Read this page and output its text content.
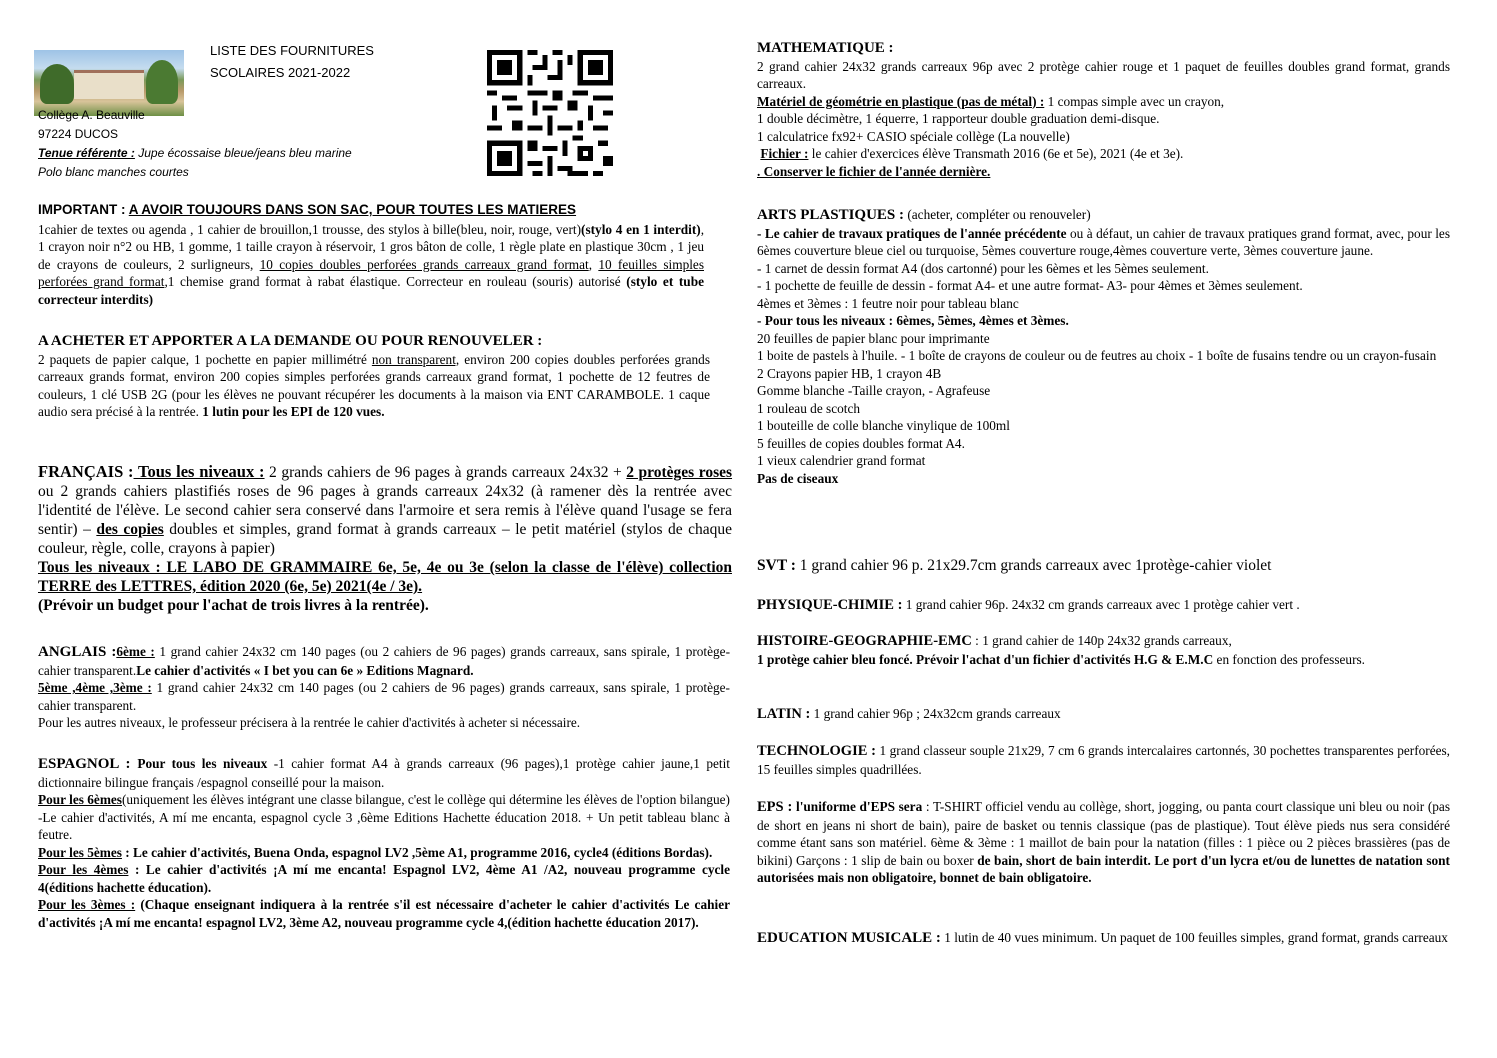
LISTE DES FOURNITURES
SCOLAIRES 2021-2022
Collège A. Beauville
97224 DUCOS
Tenue référente : Jupe écossaise bleue/jeans bleu marine
Polo blanc manches courtes

IMPORTANT : A AVOIR TOUJOURS DANS SON SAC, POUR TOUTES LES MATIERES

1cahier de textes ou agenda , 1 cahier de brouillon,1 trousse, des stylos à bille(bleu, noir, rouge, vert)(stylo 4 en 1 interdit), 1 crayon noir n°2 ou HB, 1 gomme, 1 taille crayon à réservoir, 1 gros bâton de colle, 1 règle plate en plastique 30cm , 1 jeu de crayons de couleurs, 2 surligneurs, 10 copies doubles perforées grands carreaux grand format, 10 feuilles simples perforées grand format,1 chemise grand format à rabat élastique. Correcteur en rouleau (souris) autorisé (stylo et tube correcteur interdits)

A ACHETER ET APPORTER A LA DEMANDE OU POUR RENOUVELER :

2 paquets de papier calque, 1 pochette en papier millimétré non transparent, environ 200 copies doubles perforées grands carreaux grands format, environ 200 copies simples perforées grands carreaux grand format, 1 pochette de 12 feutres de couleurs, 1 clé USB 2G (pour les élèves ne pouvant récupérer les documents à la maison via ENT CARAMBOLE. 1 caque audio sera précisé à la rentrée. 1 lutin pour les EPI de 120 vues.

FRANÇAIS : Tous les niveaux : 2 grands cahiers de 96 pages à grands carreaux 24x32 + 2 protèges roses ou 2 grands cahiers plastifiés roses de 96 pages à grands carreaux 24x32 (à ramener dès la rentrée avec l'identité de l'élève. Le second cahier sera conservé dans l'armoire et sera remis à l'élève quand l'usage se fera sentir) – des copies doubles et simples, grand format à grands carreaux – le petit matériel (stylos de chaque couleur, règle, colle, crayons à papier)

Tous les niveaux : LE LABO DE GRAMMAIRE 6e, 5e, 4e ou 3e (selon la classe de l'élève) collection TERRE des LETTRES, édition 2020 (6e, 5e) 2021(4e / 3e).

(Prévoir un budget pour l'achat de trois livres à la rentrée).

ANGLAIS :6ème : 1 grand cahier 24x32 cm 140 pages (ou 2 cahiers de 96 pages) grands carreaux, sans spirale, 1 protège-cahier transparent.Le cahier d'activités « I bet you can 6e » Editions Magnard.

5ème ,4ème ,3ème : 1 grand cahier 24x32 cm 140 pages (ou 2 cahiers de 96 pages) grands carreaux, sans spirale, 1 protège-cahier transparent.

Pour les autres niveaux, le professeur précisera à la rentrée le cahier d'activités à acheter si nécessaire.

ESPAGNOL : Pour tous les niveaux -1 cahier format A4 à grands carreaux (96 pages),1 protège cahier jaune,1 petit dictionnaire bilingue français /espagnol conseillé pour la maison.

Pour les 6èmes(uniquement les élèves intégrant une classe bilangue, c'est le collège qui détermine les élèves de l'option bilangue) -Le cahier d'activités, A mí me encanta, espagnol cycle 3 ,6ème Editions Hachette éducation 2018. + Un petit tableau blanc à feutre.

Pour les 5èmes : Le cahier d'activités, Buena Onda, espagnol LV2 ,5ème A1, programme 2016, cycle4 (éditions Bordas).

Pour les 4èmes : Le cahier d'activités ¡A mí me encanta! Espagnol LV2, 4ème A1 /A2, nouveau programme cycle 4(éditions hachette éducation).

Pour les 3èmes : (Chaque enseignant indiquera à la rentrée s'il est nécessaire d'acheter le cahier d'activités Le cahier d'activités ¡A mí me encanta! espagnol LV2, 3ème A2, nouveau programme cycle 4,(édition hachette éducation 2017).

MATHEMATIQUE :

2 grand cahier 24x32 grands carreaux 96p avec 2 protège cahier rouge et 1 paquet de feuilles doubles grand format, grands carreaux.

Matériel de géométrie en plastique (pas de métal) : 1 compas simple avec un crayon,

1 double décimètre, 1 équerre, 1 rapporteur double graduation demi-disque.

1 calculatrice fx92+ CASIO spéciale collège (La nouvelle)

Fichier : le cahier d'exercices élève Transmath 2016 (6e et 5e), 2021 (4e et 3e).

. Conserver le fichier de l'année dernière.

ARTS PLASTIQUES : (acheter, compléter ou renouveler)

- Le cahier de travaux pratiques de l'année précédente ou à défaut, un cahier de travaux pratiques grand format, avec, pour les 6èmes couverture bleue ciel ou turquoise, 5èmes couverture rouge,4èmes couverture verte, 3èmes couverture jaune.

- 1 carnet de dessin format A4 (dos cartonné) pour les 6èmes et les 5èmes seulement.

- 1 pochette de feuille de dessin - format A4- et une autre format- A3- pour 4èmes et 3èmes seulement.

4èmes et 3èmes : 1 feutre noir pour tableau blanc

- Pour tous les niveaux : 6èmes, 5èmes, 4èmes et 3èmes.

20 feuilles de papier blanc pour imprimante

1 boite de pastels à l'huile. - 1 boîte de crayons de couleur ou de feutres au choix - 1 boîte de fusains tendre ou un crayon-fusain

2 Crayons papier HB, 1 crayon 4B

Gomme blanche -Taille crayon, - Agrafeuse

1 rouleau de scotch

1 bouteille de colle blanche vinylique de 100ml

5 feuilles de copies doubles format A4.

1 vieux calendrier grand format

Pas de ciseaux

SVT : 1 grand cahier 96 p. 21x29.7cm grands carreaux avec 1protège-cahier violet

PHYSIQUE-CHIMIE : 1 grand cahier 96p. 24x32 cm grands carreaux avec 1 protège cahier vert .

HISTOIRE-GEOGRAPHIE-EMC : 1 grand cahier de 140p 24x32 grands carreaux,

1 protège cahier bleu foncé. Prévoir l'achat d'un fichier d'activités H.G & E.M.C en fonction des professeurs.

LATIN : 1 grand cahier 96p ; 24x32cm grands carreaux

TECHNOLOGIE : 1 grand classeur souple 21x29, 7 cm 6 grands intercalaires cartonnés, 30 pochettes transparentes perforées, 15 feuilles simples quadrillées.

EPS : l'uniforme d'EPS sera : T-SHIRT officiel vendu au collège, short, jogging, ou panta court classique uni bleu ou noir (pas de short en jeans ni short de bain), paire de basket ou tennis classique (pas de plastique). Tout élève pieds nus sera considéré comme étant sans son matériel. 6ème & 3ème : 1 maillot de bain pour la natation (filles : 1 pièce ou 2 pièces brassières (pas de bikini) Garçons : 1 slip de bain ou boxer de bain, short de bain interdit. Le port d'un lycra et/ou de lunettes de natation sont autorisées mais non obligatoire, bonnet de bain obligatoire.

EDUCATION MUSICALE : 1 lutin de 40 vues minimum. Un paquet de 100 feuilles simples, grand format, grands carreaux
